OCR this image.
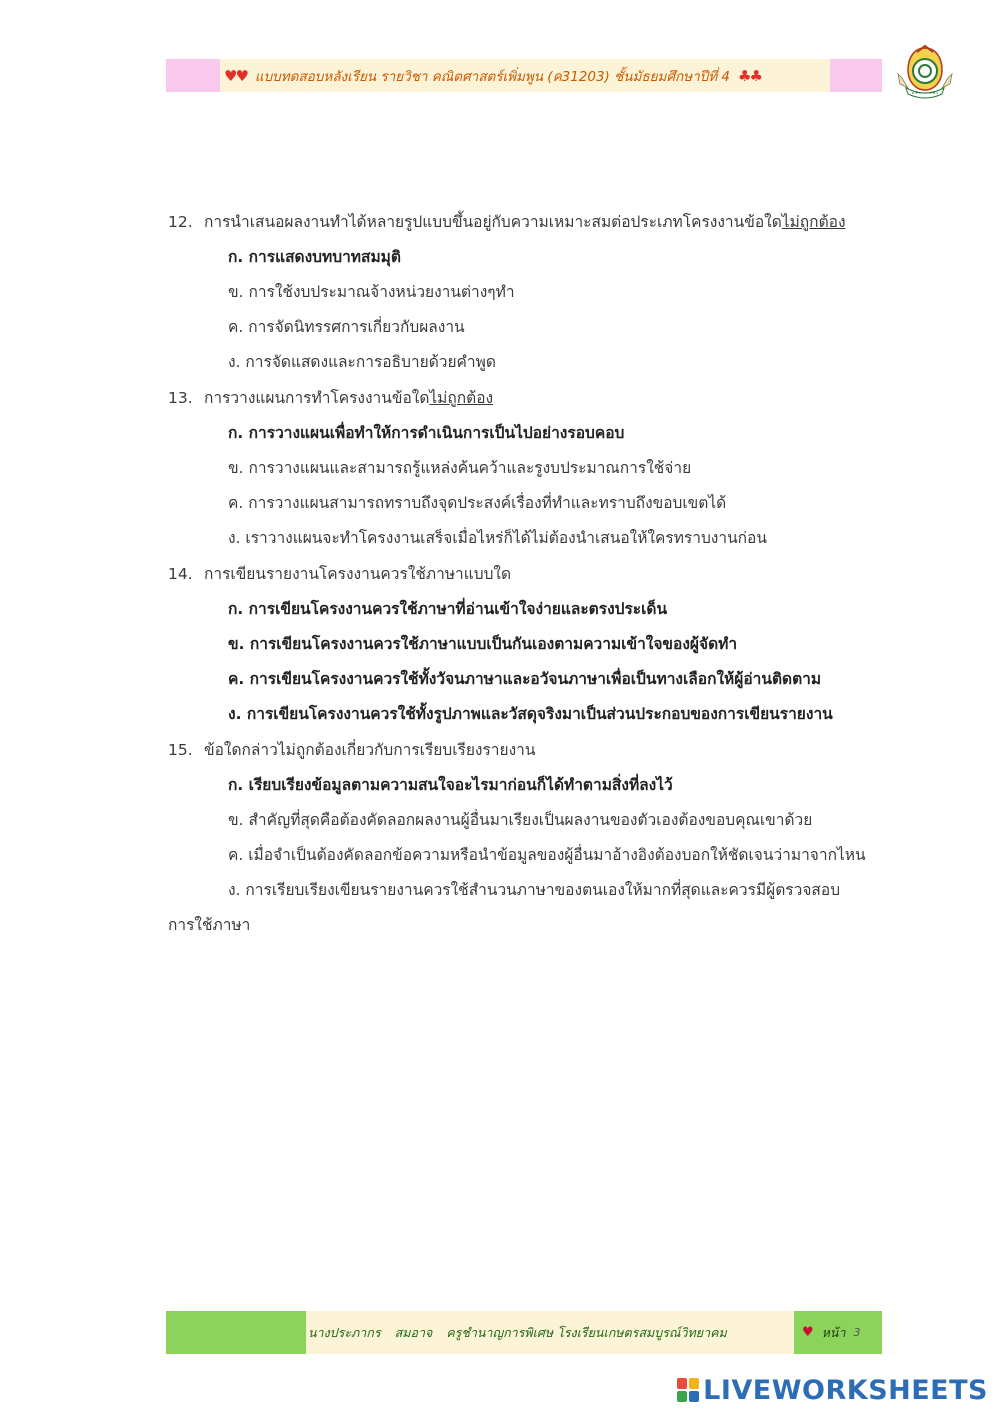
♥♥ แบบทดสอบหลังเรียน รายวิชา คณิตศาสตร์เพิ่มพูน (ค31203) ชั้นมัธยมศึกษาปีที่ 4 ♣♣
12. การนำเสนอผลงานทำได้หลายรูปแบบขึ้นอยู่กับความเหมาะสมต่อประเภทโครงงานข้อใดไม่ถูกต้อง
ก. การแสดงบทบาทสมมุติ
ข. การใช้งบประมาณจ้างหน่วยงานต่างๆทำ
ค. การจัดนิทรรศการเกี่ยวกับผลงาน
ง. การจัดแสดงและการอธิบายด้วยคำพูด
13. การวางแผนการทำโครงงานข้อใดไม่ถูกต้อง
ก. การวางแผนเพื่อทำให้การดำเนินการเป็นไปอย่างรอบคอบ
ข. การวางแผนและสามารถรู้แหล่งค้นคว้าและรูงบประมาณการใช้จ่าย
ค. การวางแผนสามารถทราบถึงจุดประสงค์เรื่องที่ทำและทราบถึงขอบเขตได้
ง. เราวางแผนจะทำโครงงานเสร็จเมื่อไหร่ก็ได้ไม่ต้องนำเสนอให้ใครทราบงานก่อน
14. การเขียนรายงานโครงงานควรใช้ภาษาแบบใด
ก. การเขียนโครงงานควรใช้ภาษาที่อ่านเข้าใจง่ายและตรงประเด็น
ข. การเขียนโครงงานควรใช้ภาษาแบบเป็นกันเองตามความเข้าใจของผู้จัดทำ
ค. การเขียนโครงงานควรใช้ทั้งวัจนภาษาและอวัจนภาษาเพื่อเป็นทางเลือกให้ผู้อ่านติดตาม
ง. การเขียนโครงงานควรใช้ทั้งรูปภาพและวัสดุจริงมาเป็นส่วนประกอบของการเขียนรายงาน
15. ข้อใดกล่าวไม่ถูกต้องเกี่ยวกับการเรียบเรียงรายงาน
ก. เรียบเรียงข้อมูลตามความสนใจอะไรมาก่อนก็ได้ทำตามสิ่งที่ลงไว้
ข. สำคัญที่สุดคือต้องคัดลอกผลงานผู้อื่นมาเรียงเป็นผลงานของตัวเองต้องขอบคุณเขาด้วย
ค. เมื่อจำเป็นต้องคัดลอกข้อความหรือนำข้อมูลของผู้อื่นมาอ้างอิงต้องบอกให้ชัดเจนว่ามาจากไหน
ง. การเรียบเรียงเขียนรายงานควรใช้สำนวนภาษาของตนเองให้มากที่สุดและควรมีผู้ตรวจสอบ
การใช้ภาษา
นางประภากร สมอาจ ครูชำนาญการพิเศษ โรงเรียนเกษตรสมบูรณ์วิทยาคม	♥ หน้า 3
LIVEWORKSHEETS
